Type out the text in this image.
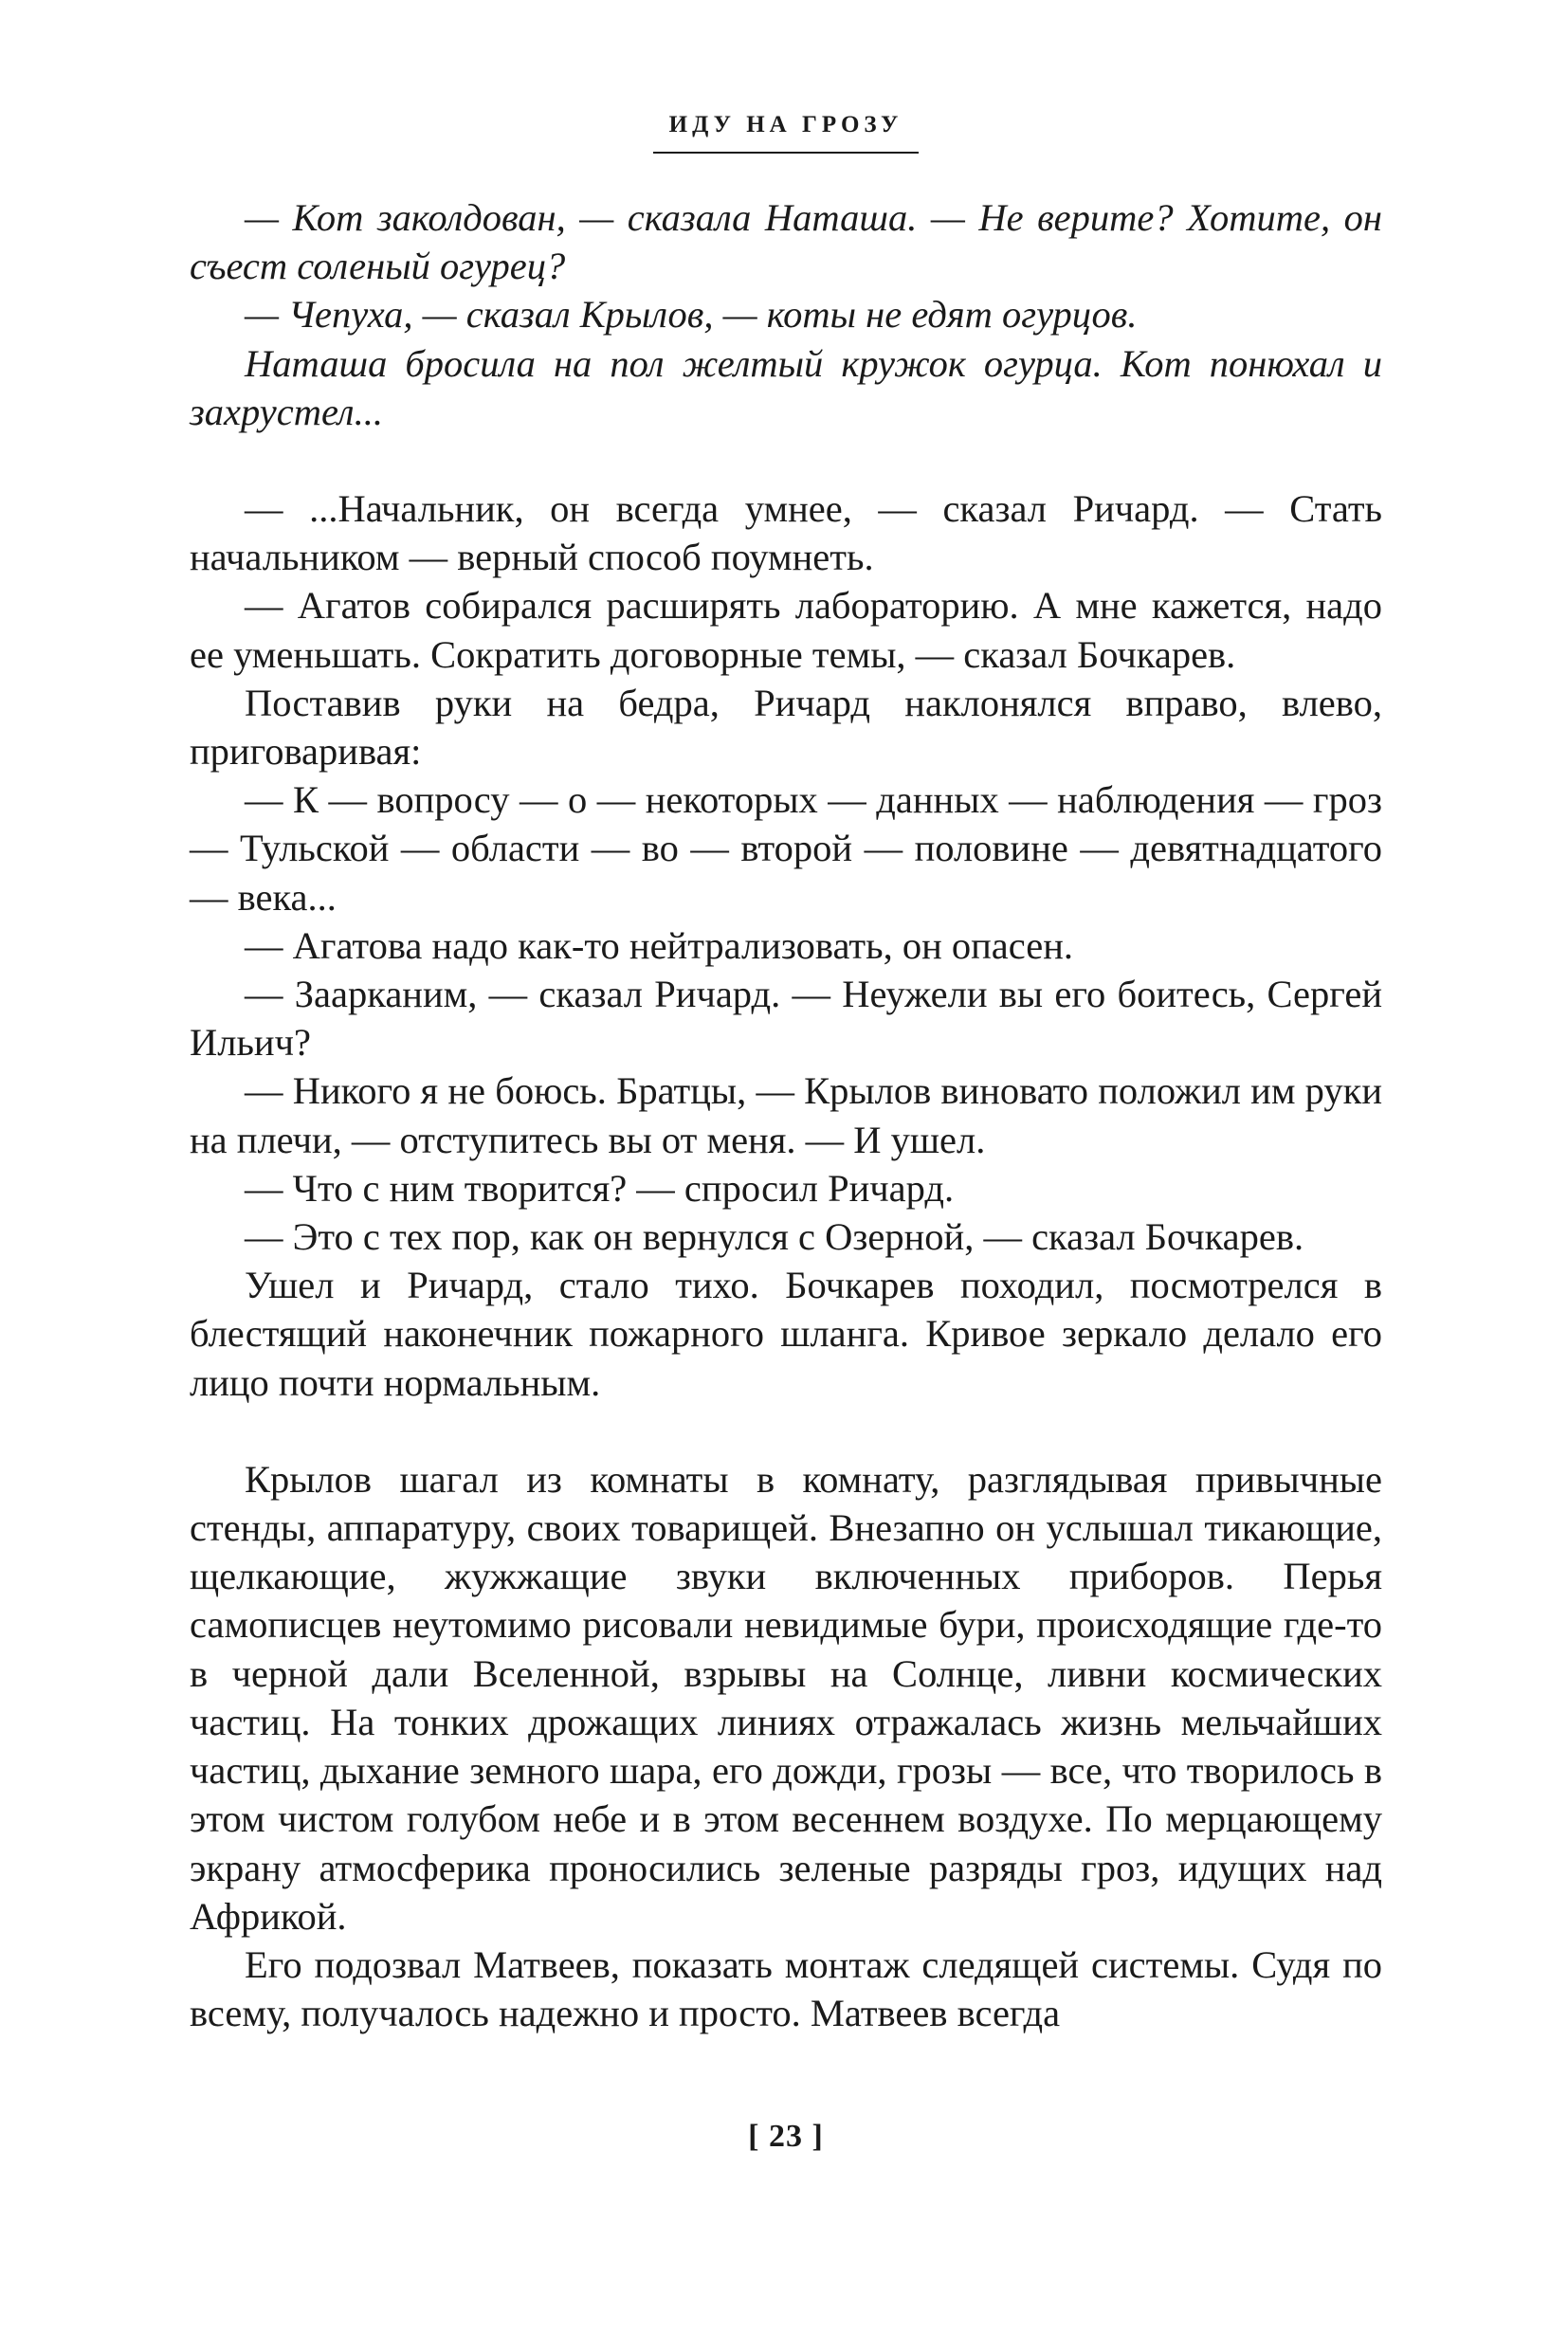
ИДУ НА ГРОЗУ

— Кот заколдован, — сказала Наташа. — Не верите? Хотите, он съест соленый огурец?

— Чепуха, — сказал Крылов, — коты не едят огурцов.

Наташа бросила на пол желтый кружок огурца. Кот понюхал и захрустел...

— ...Начальник, он всегда умнее, — сказал Ричард. — Стать начальником — верный способ поумнеть.

— Агатов собирался расширять лабораторию. А мне кажется, надо ее уменьшать. Сократить договорные темы, — сказал Бочкарев.

Поставив руки на бедра, Ричард наклонялся вправо, влево, приговаривая:

— К — вопросу — о — некоторых — данных — наблюдения — гроз — Тульской — области — во — второй — половине — девятнадцатого — века...

— Агатова надо как-то нейтрализовать, он опасен.

— Заарканим, — сказал Ричард. — Неужели вы его боитесь, Сергей Ильич?

— Никого я не боюсь. Братцы, — Крылов виновато положил им руки на плечи, — отступитесь вы от меня. — И ушел.

— Что с ним творится? — спросил Ричард.

— Это с тех пор, как он вернулся с Озерной, — сказал Бочкарев.

Ушел и Ричард, стало тихо. Бочкарев походил, посмотрелся в блестящий наконечник пожарного шланга. Кривое зеркало делало его лицо почти нормальным.

Крылов шагал из комнаты в комнату, разглядывая привычные стенды, аппаратуру, своих товарищей. Внезапно он услышал тикающие, щелкающие, жужжащие звуки включенных приборов. Перья самописцев неутомимо рисовали невидимые бури, происходящие где-то в черной дали Вселенной, взрывы на Солнце, ливни космических частиц. На тонких дрожащих линиях отражалась жизнь мельчайших частиц, дыхание земного шара, его дожди, грозы — все, что творилось в этом чистом голубом небе и в этом весеннем воздухе. По мерцающему экрану атмосферика проносились зеленые разряды гроз, идущих над Африкой.

Его подозвал Матвеев, показать монтаж следящей системы. Судя по всему, получалось надежно и просто. Матвеев всегда

[ 23 ]
